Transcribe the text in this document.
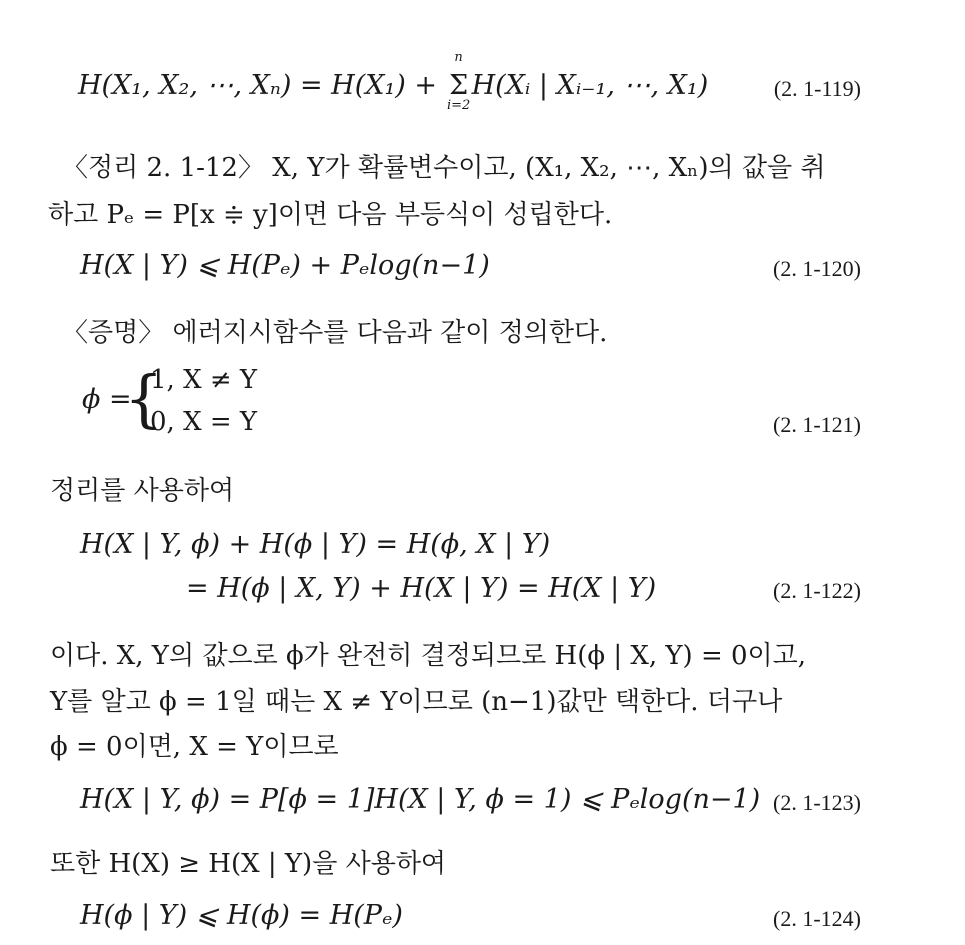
H(X₁, X₂, ⋯, Xₙ) = H(X₁) +
n
Σ
i=2
H(Xᵢ | Xᵢ₋₁, ⋯, X₁)	(2. 1-119)
〈정리 2. 1-12〉 X, Y가 확률변수이고, (X₁, X₂, ⋯, Xₙ)의 값을 취
하고 Pₑ = P[x ≑ y]이면 다음 부등식이 성립한다.
H(X | Y) ⩽ H(Pₑ) + Pₑlog(n−1)	(2. 1-120)
〈증명〉 에러지시함수를 다음과 같이 정의한다.
ϕ =
{
1, X ≠ Y
0, X = Y	(2. 1-121)
정리를 사용하여
H(X | Y, ϕ) + H(ϕ | Y) = H(ϕ, X | Y)
= H(ϕ | X, Y) + H(X | Y) = H(X | Y)	(2. 1-122)
이다. X, Y의 값으로 ϕ가 완전히 결정되므로 H(ϕ | X, Y) = 0이고,
Y를 알고 ϕ = 1일 때는 X ≠ Y이므로 (n−1)값만 택한다. 더구나
ϕ = 0이면, X = Y이므로
H(X | Y, ϕ) = P[ϕ = 1]H(X | Y, ϕ = 1) ⩽ Pₑlog(n−1) (2. 1-123)
또한 H(X) ≥ H(X | Y)을 사용하여
H(ϕ | Y) ⩽ H(ϕ) = H(Pₑ)	(2. 1-124)
